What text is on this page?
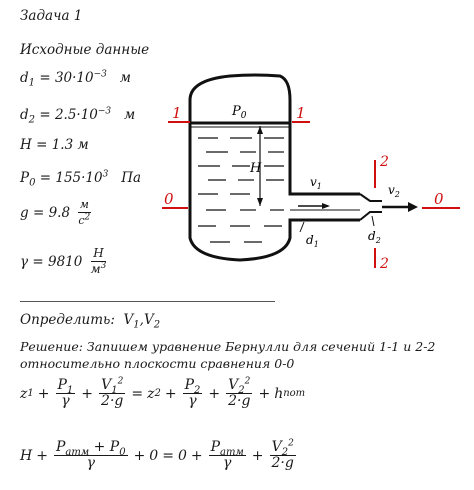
Задача 1
Исходные данные
$d_1 = 30\cdot 10^{-3}$ м
$d_2 = 2.5\cdot 10^{-3}$ м
H = 1.3 м
$P_0 = 155\cdot 10^3$ Па
g
=
9.8
$\frac{м}{c^2}$
γ
=
9810
$\frac{H}{м^3}$
Определить: $V_1,V_2$
Решение: Запишем уравнение Бернулли для сечений 1-1 и 2-2
относительно плоскости сравнения 0-0
z $1 + \frac{P_1}{\gamma} + \frac{V_1^2}{2\cdot g} = z$ $2 + \frac{P_2}{\gamma} + \frac{V_2^2}{2\cdot g} + h$ пот
$H + \frac{P_{атм} + P_0}{\gamma} + 0 = 0 + \frac{P_{атм}}{\gamma} + \frac{V_2^2}{2\cdot g}$
H
$P_0$
$v_1$
$d_1$
$v_2$
$d_2$
1	1
0	0
2
2
